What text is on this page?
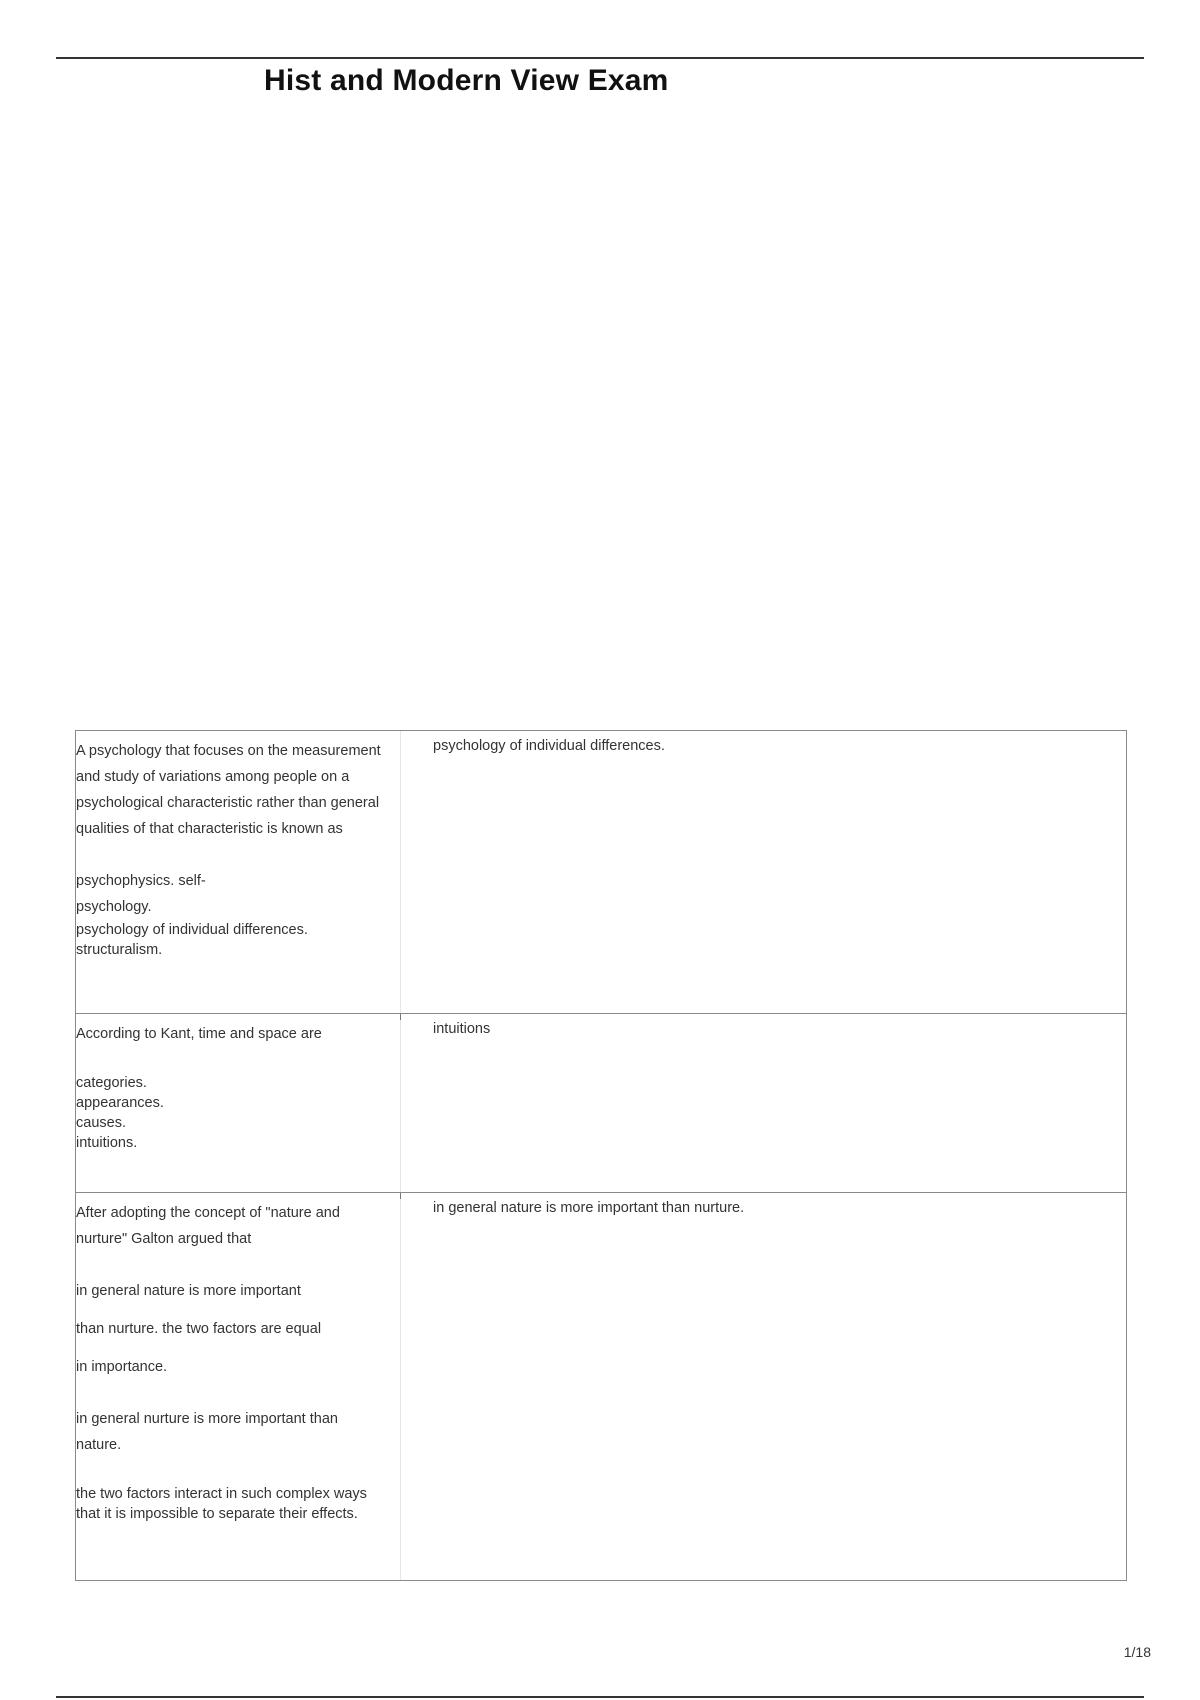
Hist and Modern View Exam

A psychology that focuses on the measurement and study of variations among people on a psychological characteristic rather than general qualities of that characteristic is known as

psychophysics. self-
psychology.
psychology of individual differences.
structuralism.
psychology of individual differences.

According to Kant, time and space are

categories.
appearances.
causes.
intuitions.
intuitions

After adopting the concept of "nature and nurture" Galton argued that

in general nature is more important
than nurture. the two factors are equal
in importance.
in general nurture is more important than nature.
the two factors interact in such complex ways that it is impossible to separate their effects.
in general nature is more important than nurture.
1/18
